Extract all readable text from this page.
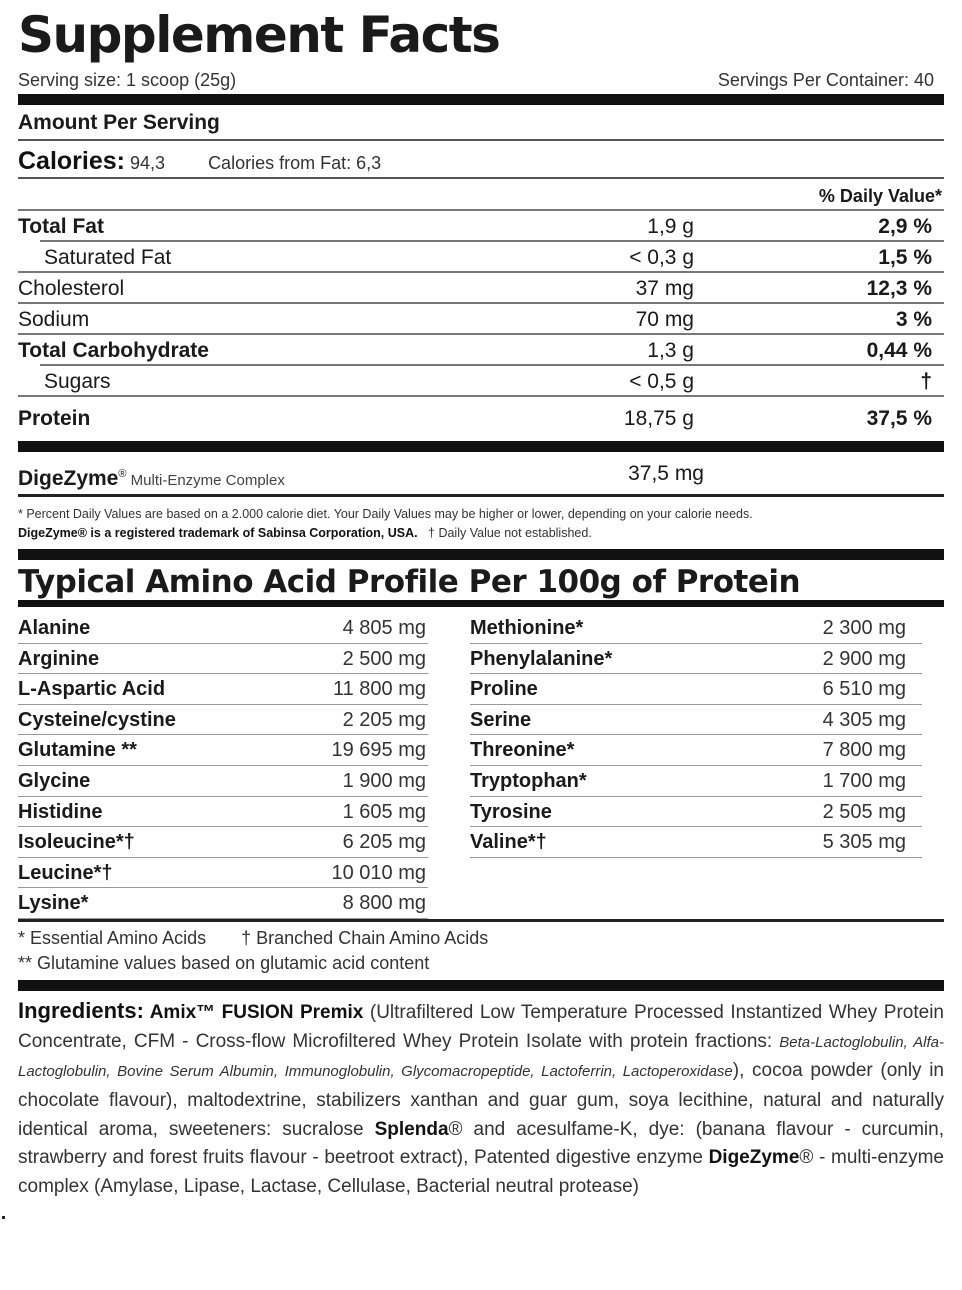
Supplement Facts
Serving size: 1 scoop (25g)	Servings Per Container: 40
Amount Per Serving
Calories: 94,3 Calories from Fat: 6,3
% Daily Value*
Total Fat	1,9 g	2,9 %
Saturated Fat	< 0,3 g	1,5 %
Cholesterol	37 mg	12,3 %
Sodium	70 mg	3 %
Total Carbohydrate	1,3 g	0,44 %
Sugars	< 0,5 g	†
Protein	18,75 g	37,5 %
DigeZyme® Multi-Enzyme Complex	37,5 mg
* Percent Daily Values are based on a 2.000 calorie diet. Your Daily Values may be higher or lower, depending on your calorie needs.
DigeZyme® is a registered trademark of Sabinsa Corporation, USA. † Daily Value not established.
Typical Amino Acid Profile Per 100g of Protein
Alanine	4 805 mg
Arginine	2 500 mg
L-Aspartic Acid	11 800 mg
Cysteine/cystine	2 205 mg
Glutamine **	19 695 mg
Glycine	1 900 mg
Histidine	1 605 mg
Isoleucine*†	6 205 mg
Leucine*†	10 010 mg
Lysine*	8 800 mg
Methionine*	2 300 mg
Phenylalanine*	2 900 mg
Proline	6 510 mg
Serine	4 305 mg
Threonine*	7 800 mg
Tryptophan*	1 700 mg
Tyrosine	2 505 mg
Valine*†	5 305 mg
* Essential Amino Acids † Branched Chain Amino Acids
** Glutamine values based on glutamic acid content
Ingredients: Amix™ FUSION Premix (Ultrafiltered Low Temperature Processed Instantized Whey Protein Concentrate, CFM - Cross-flow Microfiltered Whey Protein Isolate with protein fractions: Beta-Lactoglobulin, Alfa-Lactoglobulin, Bovine Serum Albumin, Immunoglobulin, Glycomacropeptide, Lactoferrin, Lactoperoxidase), cocoa powder (only in chocolate flavour), maltodextrine, stabilizers xanthan and guar gum, soya lecithine, natural and naturally identical aroma, sweeteners: sucralose Splenda® and acesulfame-K, dye: (banana flavour - curcumin, strawberry and forest fruits flavour - beetroot extract), Patented digestive enzyme DigeZyme® - multi-enzyme complex (Amylase, Lipase, Lactase, Cellulase, Bacterial neutral protease)
